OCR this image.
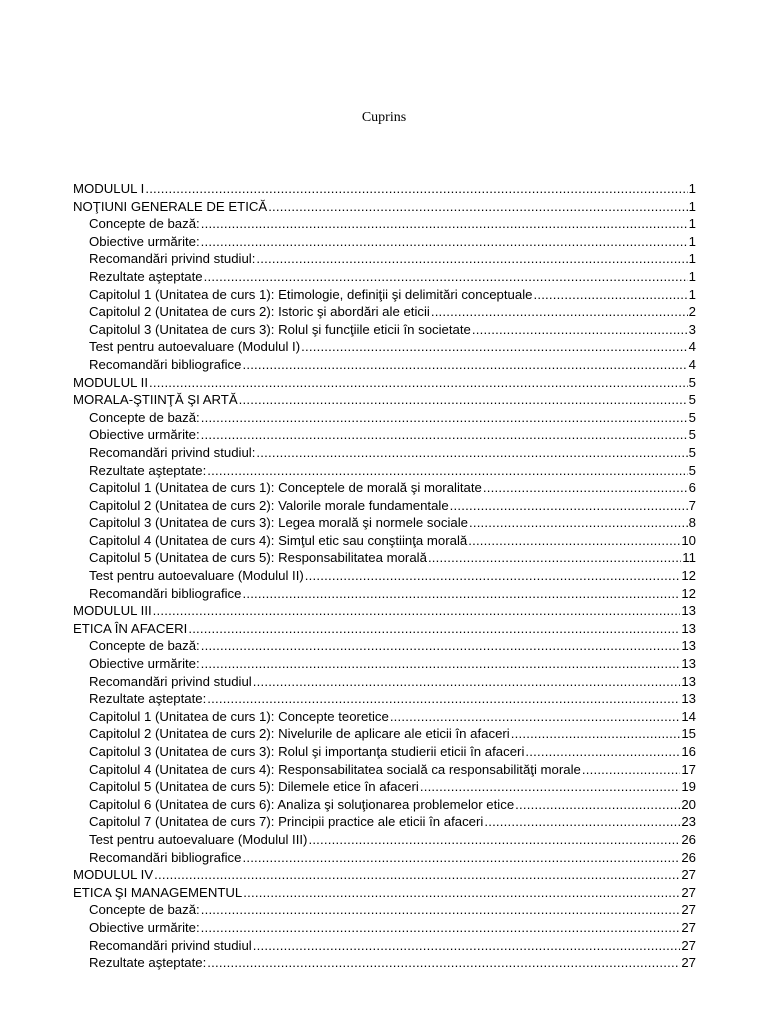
Cuprins
MODULUL I .....	1
NOŢIUNI GENERALE DE ETICĂ .....	1
Concepte de bază: .....	1
Obiective urmărite: .....	1
Recomandări privind studiul: .....	1
Rezultate aşteptate .....	1
Capitolul 1 (Unitatea de curs 1): Etimologie, definiţii şi delimitări conceptuale .....	1
Capitolul 2 (Unitatea de curs 2): Istoric şi abordări ale eticii .....	2
Capitolul 3 (Unitatea de curs 3): Rolul şi funcţiile eticii în societate .....	3
Test pentru autoevaluare (Modulul I) .....	4
Recomandări bibliografice .....	4
MODULUL II .....	5
MORALA-ŞTIINŢĂ ŞI ARTĂ .....	5
Concepte de bază: .....	5
Obiective urmărite: .....	5
Recomandări privind studiul: .....	5
Rezultate aşteptate: .....	5
Capitolul 1 (Unitatea de curs 1): Conceptele de morală şi moralitate .....	6
Capitolul 2 (Unitatea de curs 2): Valorile morale fundamentale .....	7
Capitolul 3 (Unitatea de curs 3): Legea morală şi normele sociale .....	8
Capitolul 4 (Unitatea de curs 4): Simţul etic sau conştiinţa morală .....	10
Capitolul 5 (Unitatea de curs 5): Responsabilitatea morală .....	11
Test pentru autoevaluare (Modulul II) .....	12
Recomandări bibliografice .....	12
MODULUL III .....	13
ETICA ÎN AFACERI .....	13
Concepte de bază: .....	13
Obiective urmărite: .....	13
Recomandări privind studiul .....	13
Rezultate aşteptate: .....	13
Capitolul 1 (Unitatea de curs 1): Concepte teoretice .....	14
Capitolul 2 (Unitatea de curs 2): Nivelurile de aplicare ale eticii în afaceri .....	15
Capitolul 3 (Unitatea de curs 3): Rolul şi importanţa studierii eticii în afaceri .....	16
Capitolul 4 (Unitatea de curs 4): Responsabilitatea socială ca responsabilităţi morale .....	17
Capitolul 5 (Unitatea de curs 5): Dilemele etice în afaceri .....	19
Capitolul 6 (Unitatea de curs 6): Analiza şi soluţionarea problemelor etice .....	20
Capitolul 7 (Unitatea de curs 7): Principii practice ale eticii în afaceri .....	23
Test pentru autoevaluare (Modulul III) .....	26
Recomandări bibliografice .....	26
MODULUL IV .....	27
ETICA ŞI MANAGEMENTUL .....	27
Concepte de bază: .....	27
Obiective urmărite: .....	27
Recomandări privind studiul .....	27
Rezultate aşteptate: .....	27
